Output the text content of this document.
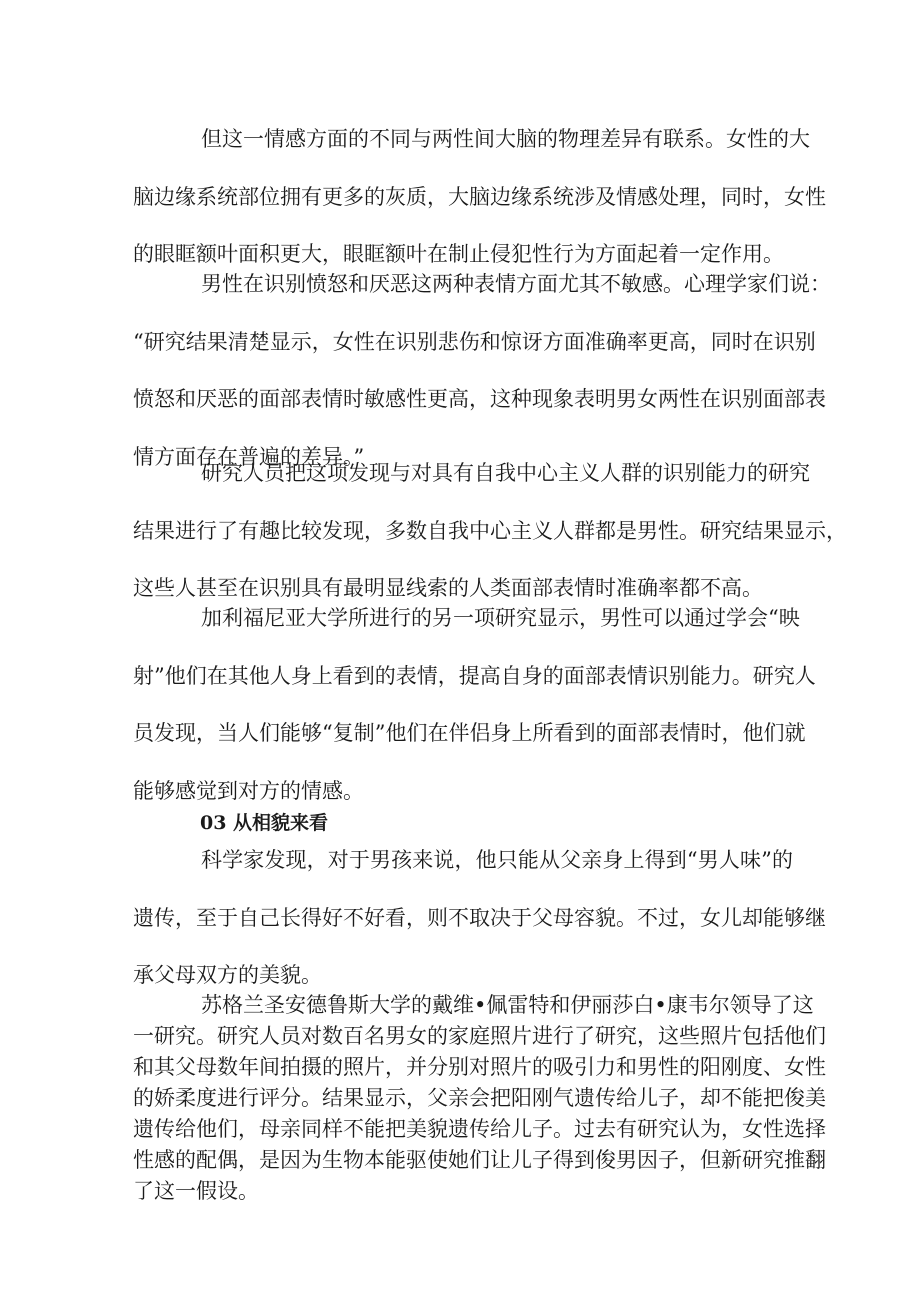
但这一情感方面的不同与两性间大脑的物理差异有联系。女性的大
脑边缘系统部位拥有更多的灰质，大脑边缘系统涉及情感处理，同时，女性
的眼眶额叶面积更大，眼眶额叶在制止侵犯性行为方面起着一定作用。
男性在识别愤怒和厌恶这两种表情方面尤其不敏感。心理学家们说：
“研究结果清楚显示，女性在识别悲伤和惊讶方面准确率更高，同时在识别
愤怒和厌恶的面部表情时敏感性更高，这种现象表明男女两性在识别面部表
情方面存在普遍的差异。”
研究人员把这项发现与对具有自我中心主义人群的识别能力的研究
结果进行了有趣比较发现，多数自我中心主义人群都是男性。研究结果显示，
这些人甚至在识别具有最明显线索的人类面部表情时准确率都不高。
加利福尼亚大学所进行的另一项研究显示，男性可以通过学会“映
射”他们在其他人身上看到的表情，提高自身的面部表情识别能力。研究人
员发现，当人们能够“复制”他们在伴侣身上所看到的面部表情时，他们就
能够感觉到对方的情感。
03 从相貌来看
科学家发现，对于男孩来说，他只能从父亲身上得到“男人味”的
遗传，至于自己长得好不好看，则不取决于父母容貌。不过，女儿却能够继
承父母双方的美貌。
苏格兰圣安德鲁斯大学的戴维•佩雷特和伊丽莎白•康韦尔领导了这
一研究。研究人员对数百名男女的家庭照片进行了研究，这些照片包括他们
和其父母数年间拍摄的照片，并分别对照片的吸引力和男性的阳刚度、女性
的娇柔度进行评分。结果显示，父亲会把阳刚气遗传给儿子，却不能把俊美
遗传给他们，母亲同样不能把美貌遗传给儿子。过去有研究认为，女性选择
性感的配偶，是因为生物本能驱使她们让儿子得到俊男因子，但新研究推翻
了这一假设。
